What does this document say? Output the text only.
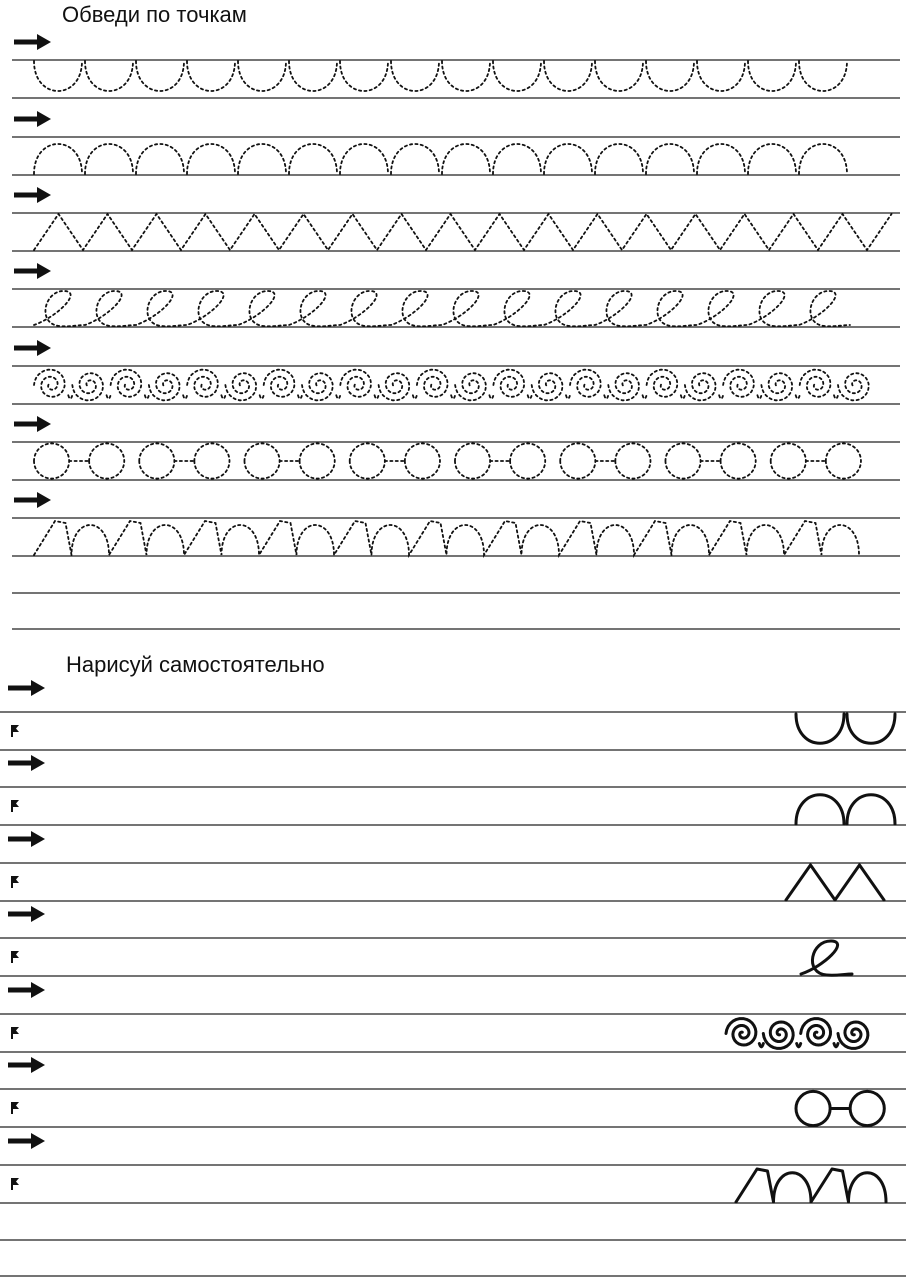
Обведи по точкам
Нарисуй самостоятельно
